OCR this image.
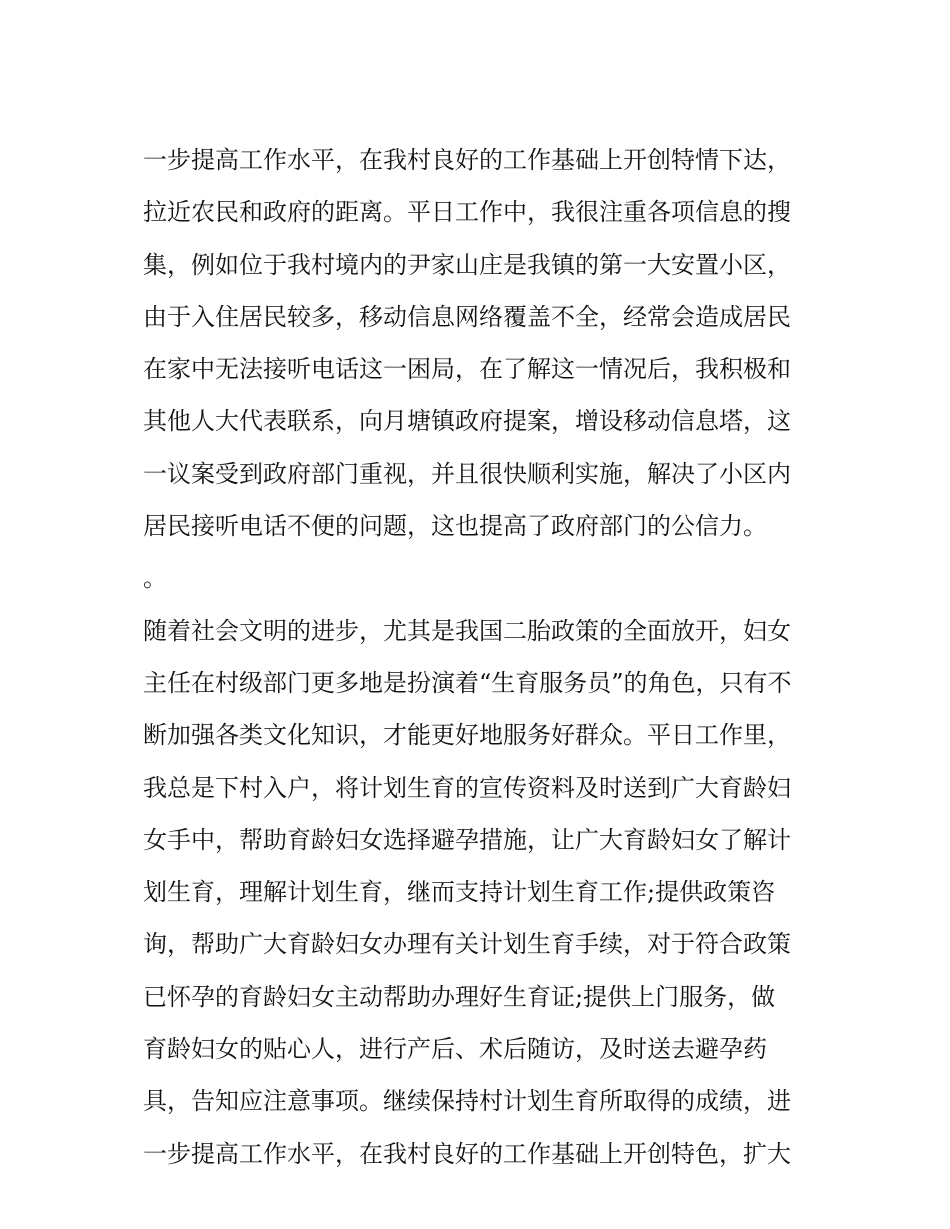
一步提高工作水平，在我村良好的工作基础上开创特情下达，
拉近农民和政府的距离。平日工作中，我很注重各项信息的搜
集，例如位于我村境内的尹家山庄是我镇的第一大安置小区，
由于入住居民较多，移动信息网络覆盖不全，经常会造成居民
在家中无法接听电话这一困局，在了解这一情况后，我积极和
其他人大代表联系，向月塘镇政府提案，增设移动信息塔，这
一议案受到政府部门重视，并且很快顺利实施，解决了小区内
居民接听电话不便的问题，这也提高了政府部门的公信力。
。
随着社会文明的进步，尤其是我国二胎政策的全面放开，妇女
主任在村级部门更多地是扮演着“生育服务员”的角色，只有不
断加强各类文化知识，才能更好地服务好群众。平日工作里，
我总是下村入户，将计划生育的宣传资料及时送到广大育龄妇
女手中，帮助育龄妇女选择避孕措施，让广大育龄妇女了解计
划生育，理解计划生育，继而支持计划生育工作;提供政策咨
询，帮助广大育龄妇女办理有关计划生育手续，对于符合政策
已怀孕的育龄妇女主动帮助办理好生育证;提供上门服务，做
育龄妇女的贴心人，进行产后、术后随访，及时送去避孕药
具，告知应注意事项。继续保持村计划生育所取得的成绩，进
一步提高工作水平，在我村良好的工作基础上开创特色，扩大
